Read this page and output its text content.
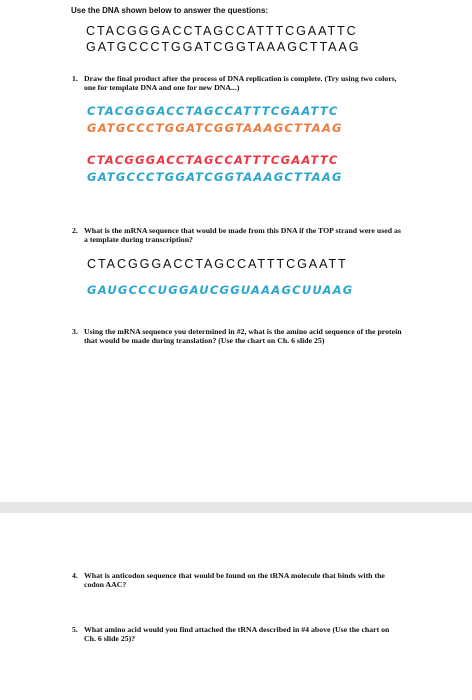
Use the DNA shown below to answer the questions:
CTACGGGACCTAGCCATTTCGAATTC
GATGCCCTGGATCGGTAAAGCTTAAG
1. Draw the final product after the process of DNA replication is complete. (Try using two colors, one for template DNA and one for new DNA...)
CTACGGGACCTAGCCATTTCGAATTC
GATGCCCTGGATCGGTAAAGCTTAAG
CTACGGGACCTAGCCATTTCGAATTC
GATGCCCTGGATCGGTAAAGCTTAAG
2. What is the mRNA sequence that would be made from this DNA if the TOP strand were used as a template during transcription?
CTACGGGACCTAGCCATTTCGAATT
GAUGCCCUGGAUCGGUAAAGCUUAAG
3. Using the mRNA sequence you determined in #2, what is the amino acid sequence of the protein that would be made during translation? (Use the chart on Ch. 6 slide 25)
4. What is anticodon sequence that would be found on the tRNA molecule that binds with the codon AAC?
5. What amino acid would you find attached the tRNA described in #4 above (Use the chart on Ch. 6 slide 25)?
